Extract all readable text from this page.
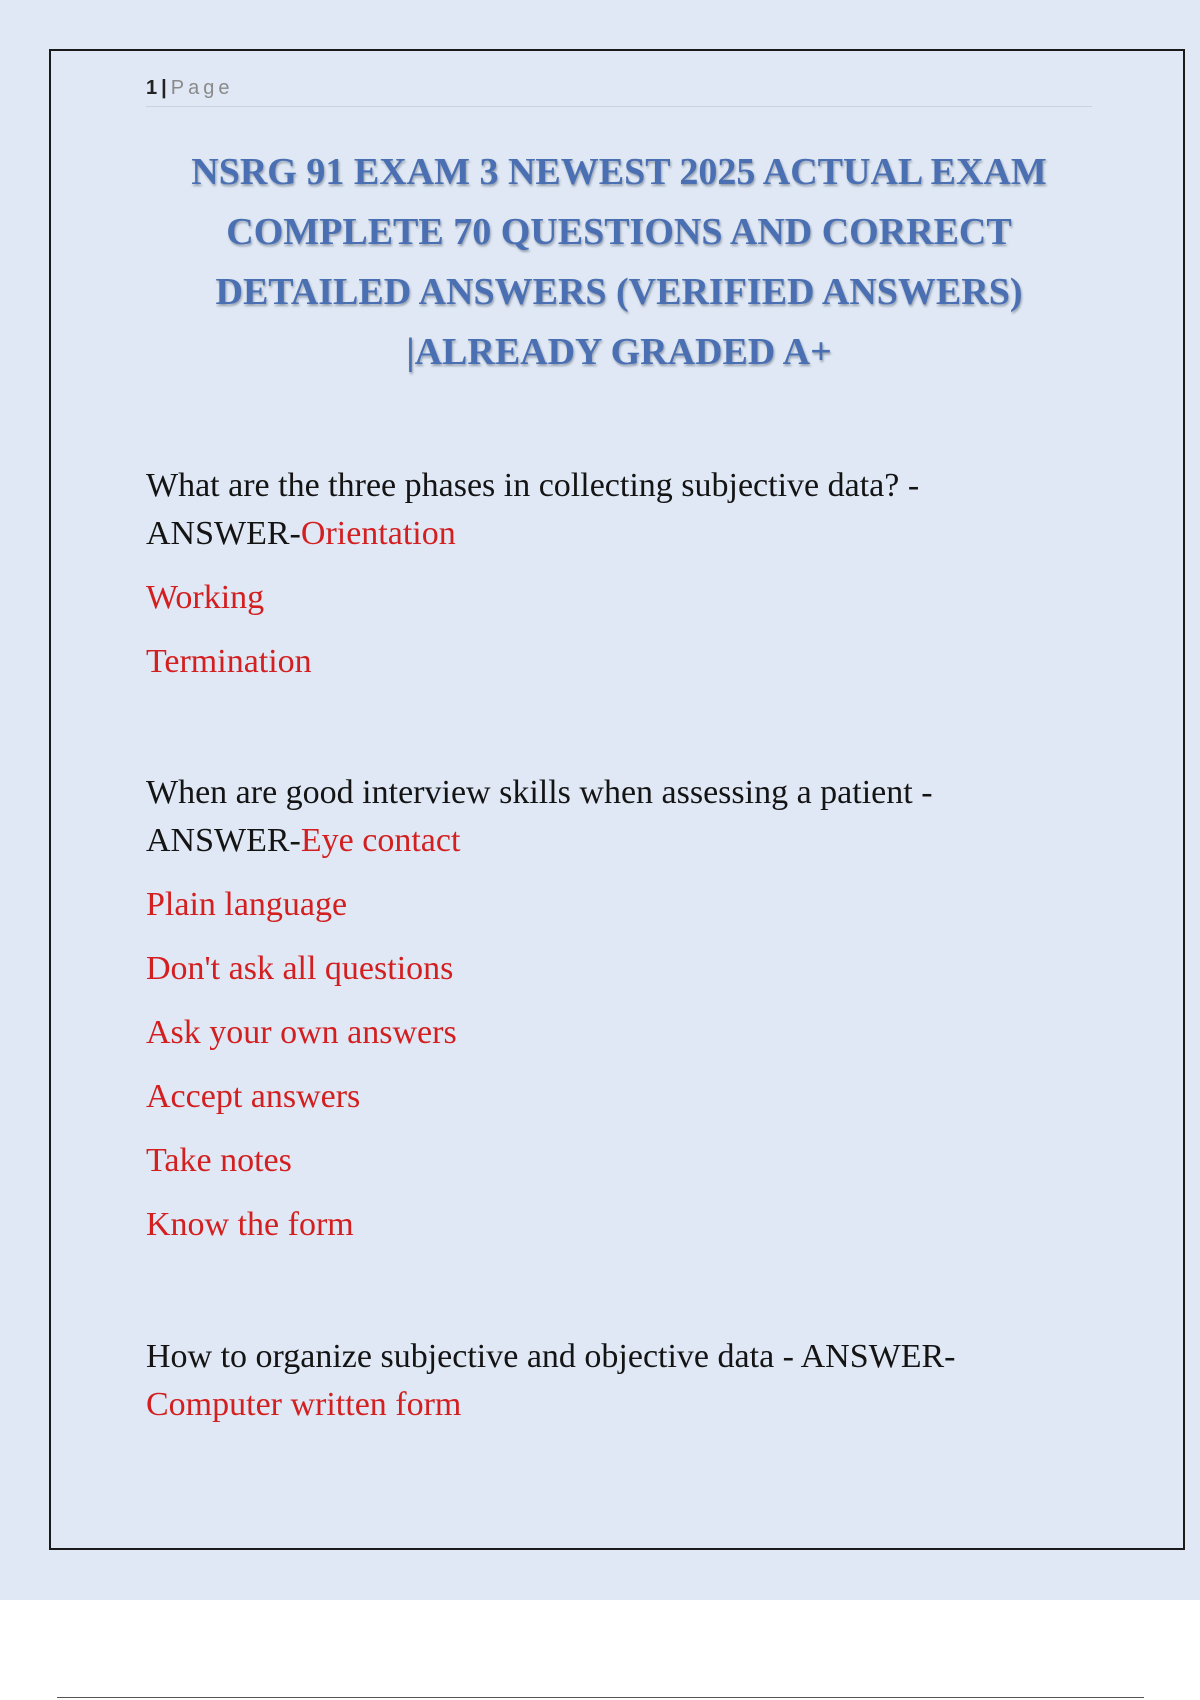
1 | Page
NSRG 91 EXAM 3 NEWEST 2025 ACTUAL EXAM
COMPLETE 70 QUESTIONS AND CORRECT
DETAILED ANSWERS (VERIFIED ANSWERS)
|ALREADY GRADED A+
What are the three phases in collecting subjective data? -
ANSWER-Orientation
Working
Termination
When are good interview skills when assessing a patient -
ANSWER-Eye contact
Plain language
Don't ask all questions
Ask your own answers
Accept answers
Take notes
Know the form
How to organize subjective and objective data - ANSWER-
Computer written form
